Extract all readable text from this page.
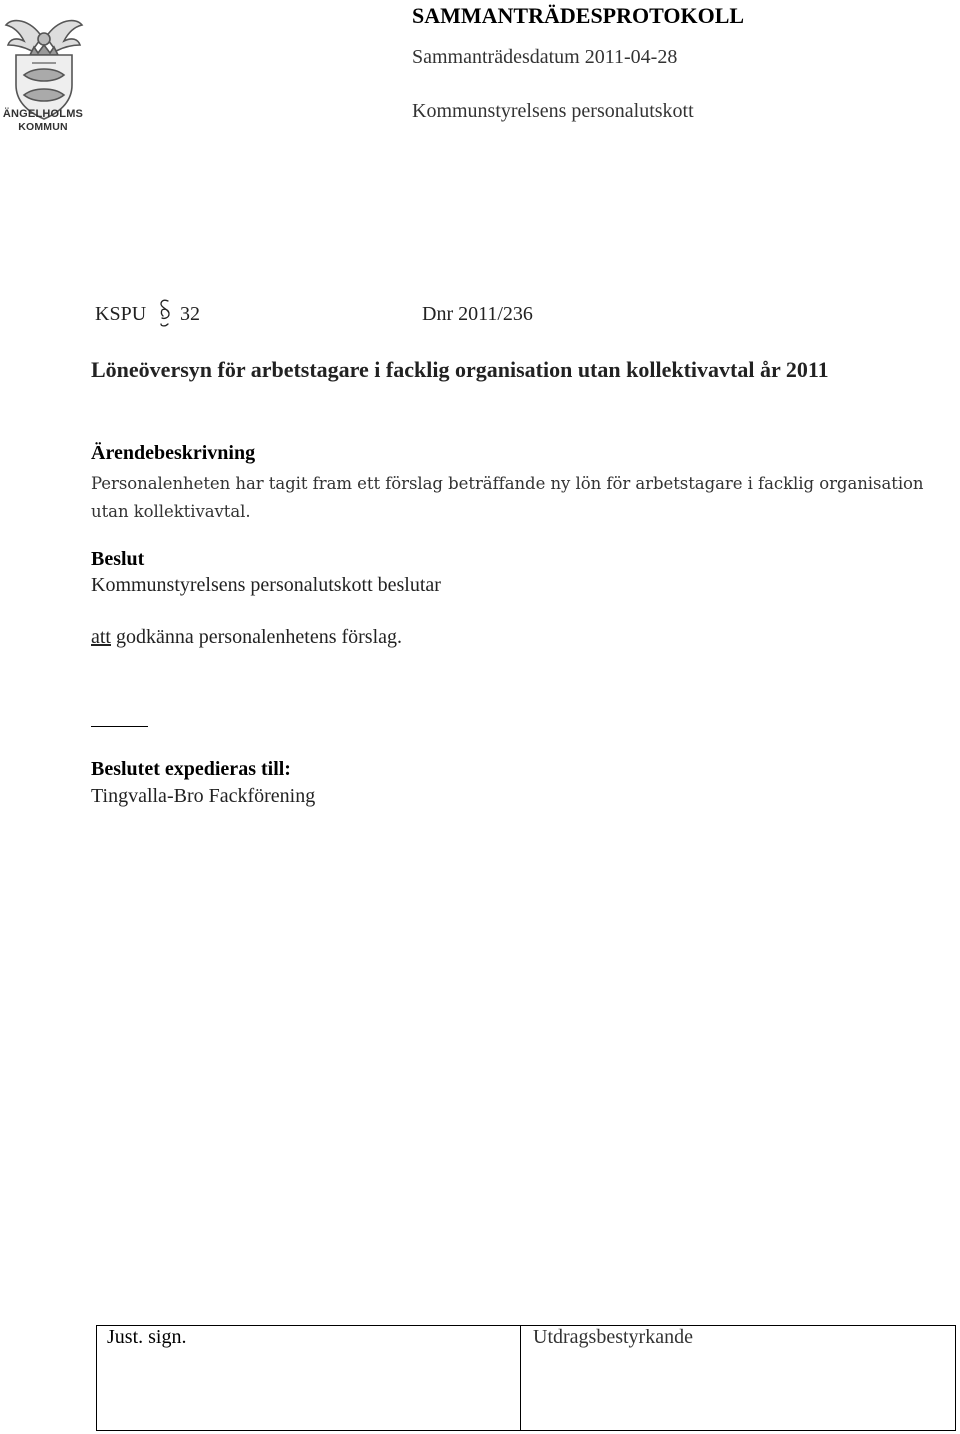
ÄNGELHOLMS
KOMMUN
SAMMANTRÄDESPROTOKOLL
Sammanträdesdatum 2011-04-28
Kommunstyrelsens personalutskott
KSPU 32	Dnr 2011/236
Löneöversyn för arbetstagare i facklig organisation utan kollektivavtal år 2011
Ärendebeskrivning
Personalenheten har tagit fram ett förslag beträffande ny lön för arbetstagare i facklig organisation utan kollektivavtal.
Beslut
Kommunstyrelsens personalutskott beslutar
att godkänna personalenhetens förslag.
Beslutet expedieras till:
Tingvalla-Bro Fackförening
Just. sign.	Utdragsbestyrkande
